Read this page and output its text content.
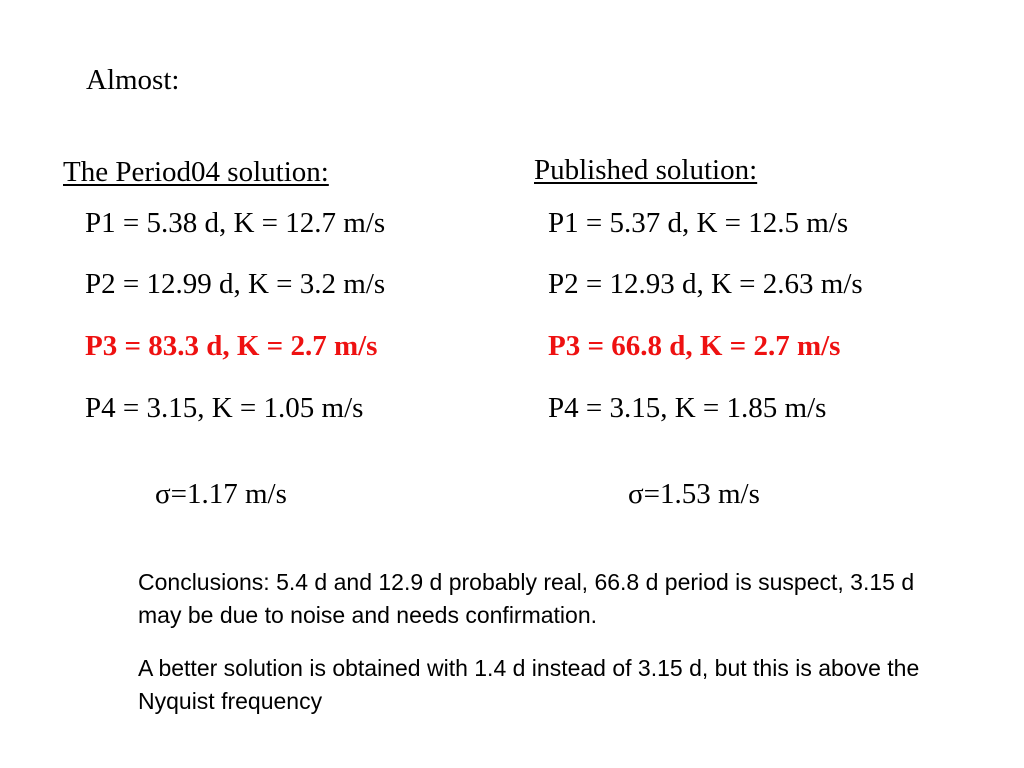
Almost:
The Period04 solution:	Published solution:
P1 = 5.38 d, K = 12.7 m/s
P2 = 12.99 d, K = 3.2 m/s
P3 = 83.3 d, K = 2.7 m/s
P4 = 3.15, K = 1.05 m/s
σ=1.17 m/s
P1 = 5.37 d, K = 12.5 m/s
P2 = 12.93 d, K = 2.63 m/s
P3 = 66.8 d, K = 2.7 m/s
P4 = 3.15, K = 1.85 m/s
σ=1.53 m/s
Conclusions: 5.4 d and 12.9 d probably real, 66.8 d period is suspect, 3.15 d may be due to noise and needs confirmation.
A better solution is obtained with 1.4 d instead of 3.15 d, but this is above the Nyquist frequency
